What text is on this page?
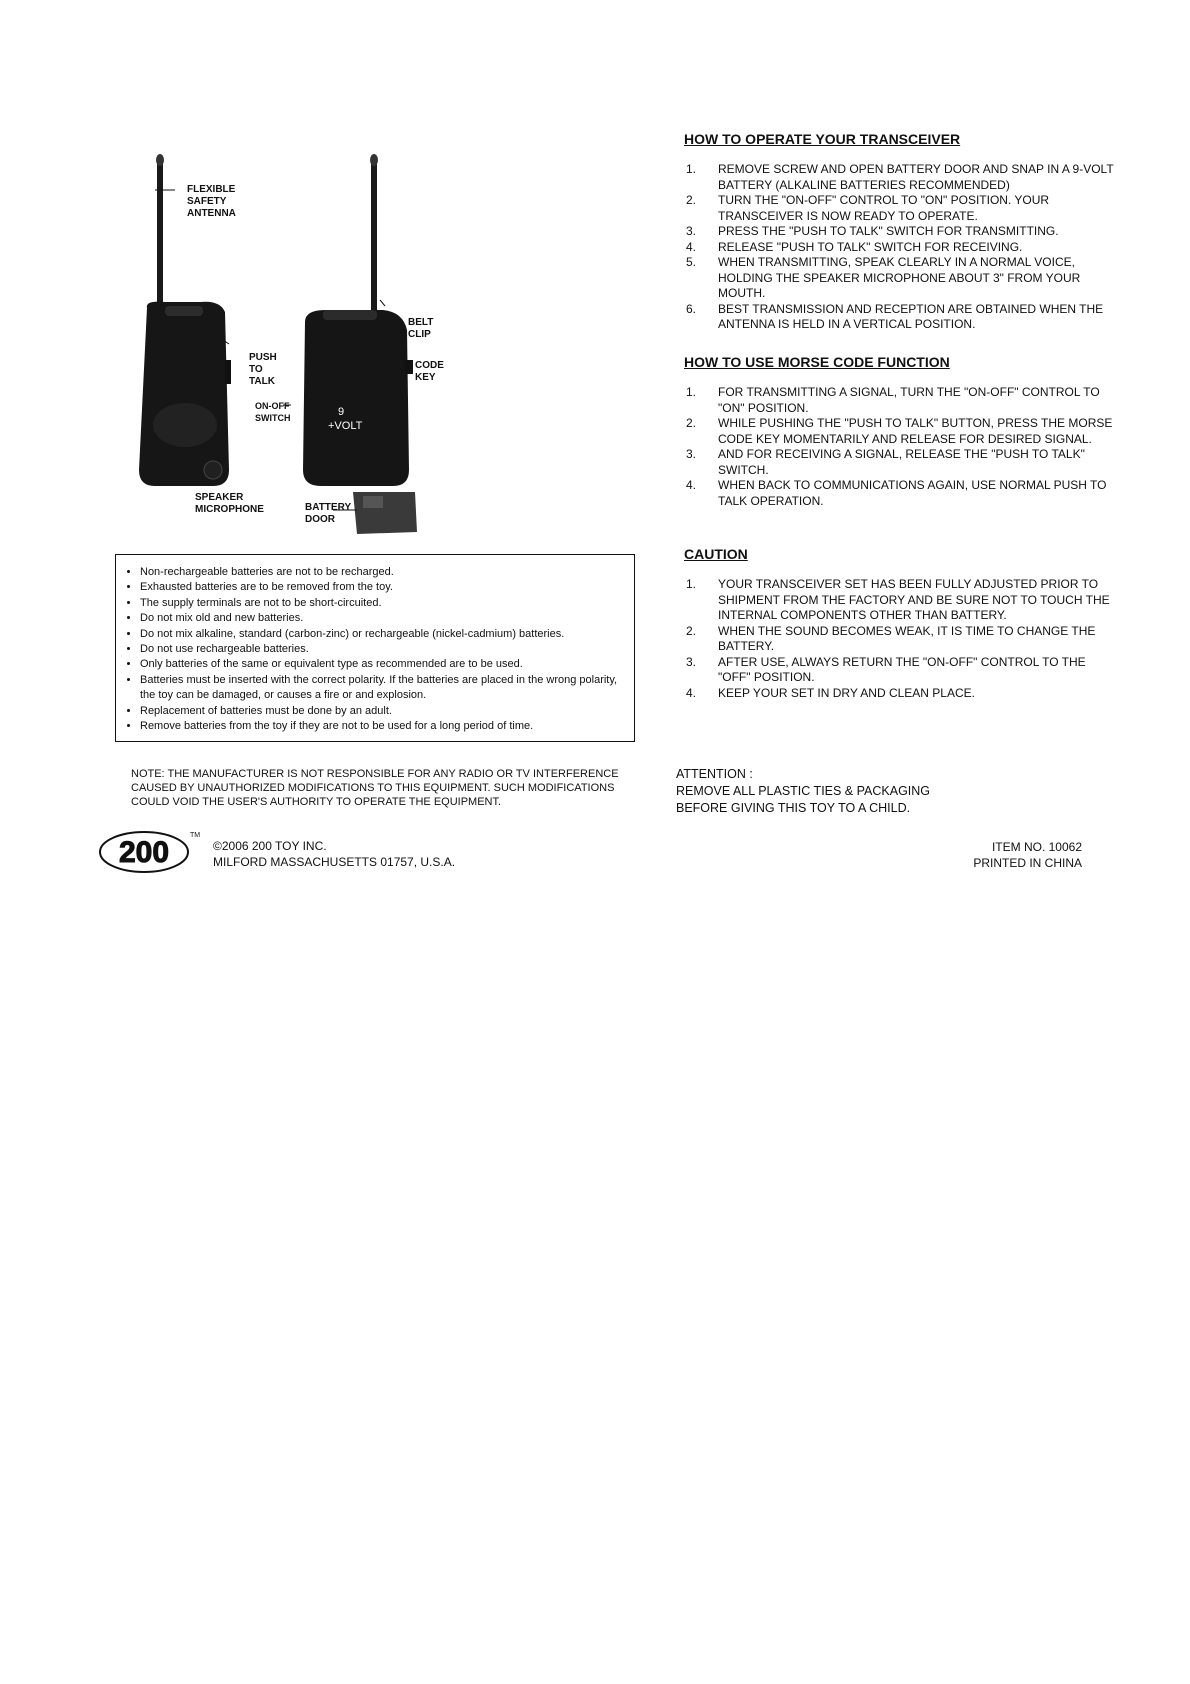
FLEXIBLE
SAFETY
ANTENNA
BELT
CLIP
PUSH
TO
TALK
CODE
KEY
ON-OFF
SWITCH
SPEAKER
MICROPHONE	BATTERY
DOOR
9
+VOLT
• Non-rechargeable batteries are not to be recharged.
• Exhausted batteries are to be removed from the toy.
• The supply terminals are not to be short-circuited.
• Do not mix old and new batteries.
• Do not mix alkaline, standard (carbon-zinc) or rechargeable (nickel-cadmium) batteries.
• Do not use rechargeable batteries.
• Only batteries of the same or equivalent type as recommended are to be used.
• Batteries must be inserted with the correct polarity. If the batteries are placed in the wrong polarity, the toy can be damaged, or causes a fire or and explosion.
• Replacement of batteries must be done by an adult.
• Remove batteries from the toy if they are not to be used for a long period of time.
NOTE: THE MANUFACTURER IS NOT RESPONSIBLE FOR ANY RADIO OR TV INTERFERENCE CAUSED BY UNAUTHORIZED MODIFICATIONS TO THIS EQUIPMENT. SUCH MODIFICATIONS COULD VOID THE USER'S AUTHORITY TO OPERATE THE EQUIPMENT.
200
TM
©2006 200 TOY INC.
MILFORD MASSACHUSETTS 01757, U.S.A.
HOW TO OPERATE YOUR TRANSCEIVER
1. REMOVE SCREW AND OPEN BATTERY DOOR AND SNAP IN A 9-VOLT BATTERY (ALKALINE BATTERIES RECOMMENDED)
2. TURN THE "ON-OFF" CONTROL TO "ON" POSITION. YOUR TRANSCEIVER IS NOW READY TO OPERATE.
3. PRESS THE "PUSH TO TALK" SWITCH FOR TRANSMITTING.
4. RELEASE "PUSH TO TALK" SWITCH FOR RECEIVING.
5. WHEN TRANSMITTING, SPEAK CLEARLY IN A NORMAL VOICE, HOLDING THE SPEAKER MICROPHONE ABOUT 3" FROM YOUR MOUTH.
6. BEST TRANSMISSION AND RECEPTION ARE OBTAINED WHEN THE ANTENNA IS HELD IN A VERTICAL POSITION.
HOW TO USE MORSE CODE FUNCTION
1. FOR TRANSMITTING A SIGNAL, TURN THE "ON-OFF" CONTROL TO "ON" POSITION.
2. WHILE PUSHING THE "PUSH TO TALK" BUTTON, PRESS THE MORSE CODE KEY MOMENTARILY AND RELEASE FOR DESIRED SIGNAL.
3. AND FOR RECEIVING A SIGNAL, RELEASE THE "PUSH TO TALK" SWITCH.
4. WHEN BACK TO COMMUNICATIONS AGAIN, USE NORMAL PUSH TO TALK OPERATION.
CAUTION
1. YOUR TRANSCEIVER SET HAS BEEN FULLY ADJUSTED PRIOR TO SHIPMENT FROM THE FACTORY AND BE SURE NOT TO TOUCH THE INTERNAL COMPONENTS OTHER THAN BATTERY.
2. WHEN THE SOUND BECOMES WEAK, IT IS TIME TO CHANGE THE BATTERY.
3. AFTER USE, ALWAYS RETURN THE "ON-OFF" CONTROL TO THE "OFF" POSITION.
4. KEEP YOUR SET IN DRY AND CLEAN PLACE.
ATTENTION :
REMOVE ALL PLASTIC TIES & PACKAGING
BEFORE GIVING THIS TOY TO A CHILD.
ITEM NO. 10062
PRINTED IN CHINA
